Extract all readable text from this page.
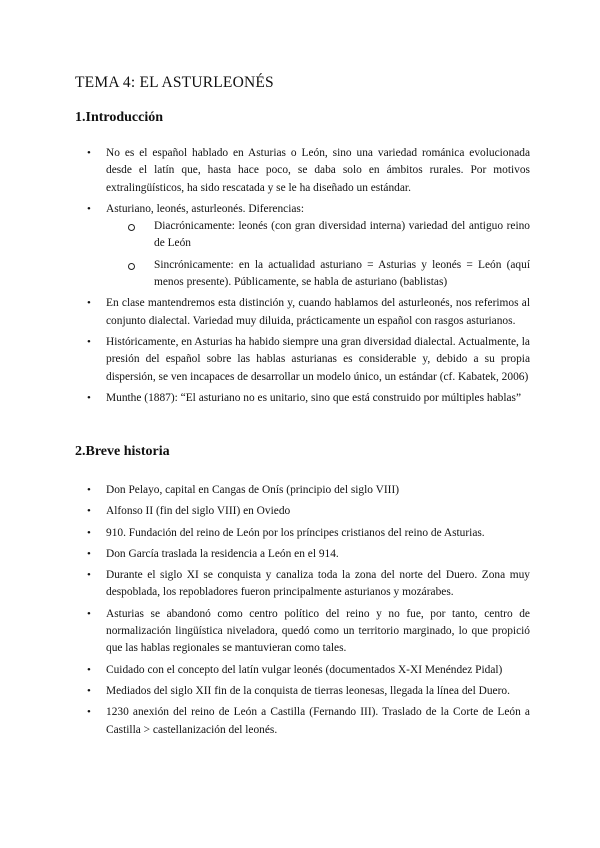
TEMA 4: EL ASTURLEONÉS
1.Introducción
• No es el español hablado en Asturias o León, sino una variedad románica evolucionada desde el latín que, hasta hace poco, se daba solo en ámbitos rurales. Por motivos extralingüísticos, ha sido rescatada y se le ha diseñado un estándar.
• Asturiano, leonés, asturleonés. Diferencias:
Diacrónicamente: leonés (con gran diversidad interna) variedad del antiguo reino de León
Sincrónicamente: en la actualidad asturiano = Asturias y leonés = León (aquí menos presente). Públicamente, se habla de asturiano (bablistas)
• En clase mantendremos esta distinción y, cuando hablamos del asturleonés, nos referimos al conjunto dialectal. Variedad muy diluida, prácticamente un español con rasgos asturianos.
• Históricamente, en Asturias ha habido siempre una gran diversidad dialectal. Actualmente, la presión del español sobre las hablas asturianas es considerable y, debido a su propia dispersión, se ven incapaces de desarrollar un modelo único, un estándar (cf. Kabatek, 2006)
• Munthe (1887): “El asturiano no es unitario, sino que está construido por múltiples hablas”
2.Breve historia
• Don Pelayo, capital en Cangas de Onís (principio del siglo VIII)
• Alfonso II (fin del siglo VIII) en Oviedo
• 910. Fundación del reino de León por los príncipes cristianos del reino de Asturias.
• Don García traslada la residencia a León en el 914.
• Durante el siglo XI se conquista y canaliza toda la zona del norte del Duero. Zona muy despoblada, los repobladores fueron principalmente asturianos y mozárabes.
• Asturias se abandonó como centro político del reino y no fue, por tanto, centro de normalización lingüística niveladora, quedó como un territorio marginado, lo que propició que las hablas regionales se mantuvieran como tales.
• Cuidado con el concepto del latín vulgar leonés (documentados X-XI Menéndez Pidal)
• Mediados del siglo XII fin de la conquista de tierras leonesas, llegada la línea del Duero.
• 1230 anexión del reino de León a Castilla (Fernando III). Traslado de la Corte de León a Castilla > castellanización del leonés.
